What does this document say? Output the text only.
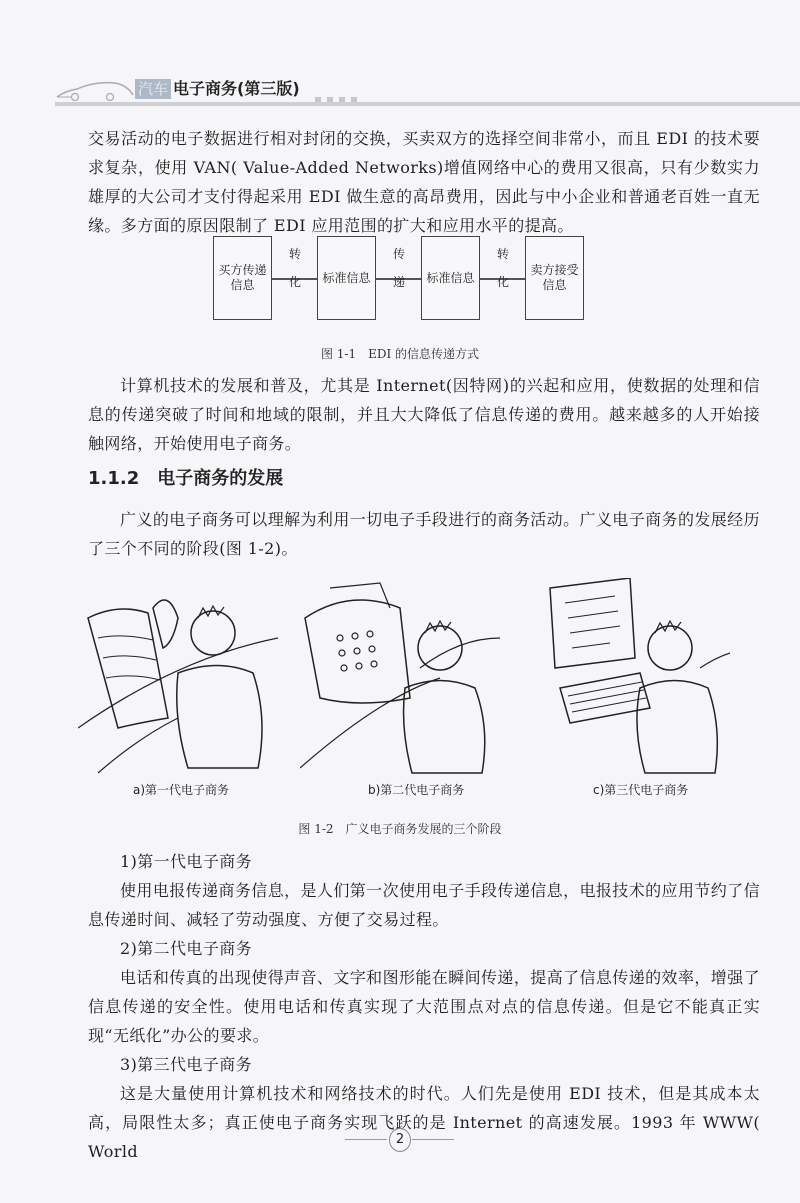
汽车 电子商务(第三版)
交易活动的电子数据进行相对封闭的交换，买卖双方的选择空间非常小，而且 EDI 的技术要求复杂，使用 VAN( Value-Added Networks)增值网络中心的费用又很高，只有少数实力雄厚的大公司才支付得起采用 EDI 做生意的高昂费用，因此与中小企业和普通老百姓一直无缘。多方面的原因限制了 EDI 应用范围的扩大和应用水平的提高。
买方传递信息
转化	标准信息
传递	标准信息
转化
卖方接受信息
图 1-1　EDI 的信息传递方式
计算机技术的发展和普及，尤其是 Internet(因特网)的兴起和应用，使数据的处理和信息的传递突破了时间和地域的限制，并且大大降低了信息传递的费用。越来越多的人开始接触网络，开始使用电子商务。
1.1.2 电子商务的发展
广义的电子商务可以理解为利用一切电子手段进行的商务活动。广义电子商务的发展经历了三个不同的阶段(图 1-2)。
a)第一代电子商务	b)第二代电子商务	c)第三代电子商务
图 1-2　广义电子商务发展的三个阶段
1)第一代电子商务
使用电报传递商务信息，是人们第一次使用电子手段传递信息，电报技术的应用节约了信息传递时间、减轻了劳动强度、方便了交易过程。
2)第二代电子商务
电话和传真的出现使得声音、文字和图形能在瞬间传递，提高了信息传递的效率，增强了信息传递的安全性。使用电话和传真实现了大范围点对点的信息传递。但是它不能真正实现“无纸化”办公的要求。
3)第三代电子商务
这是大量使用计算机技术和网络技术的时代。人们先是使用 EDI 技术，但是其成本太高，局限性太多；真正使电子商务实现飞跃的是 Internet 的高速发展。1993 年 WWW( World
2
